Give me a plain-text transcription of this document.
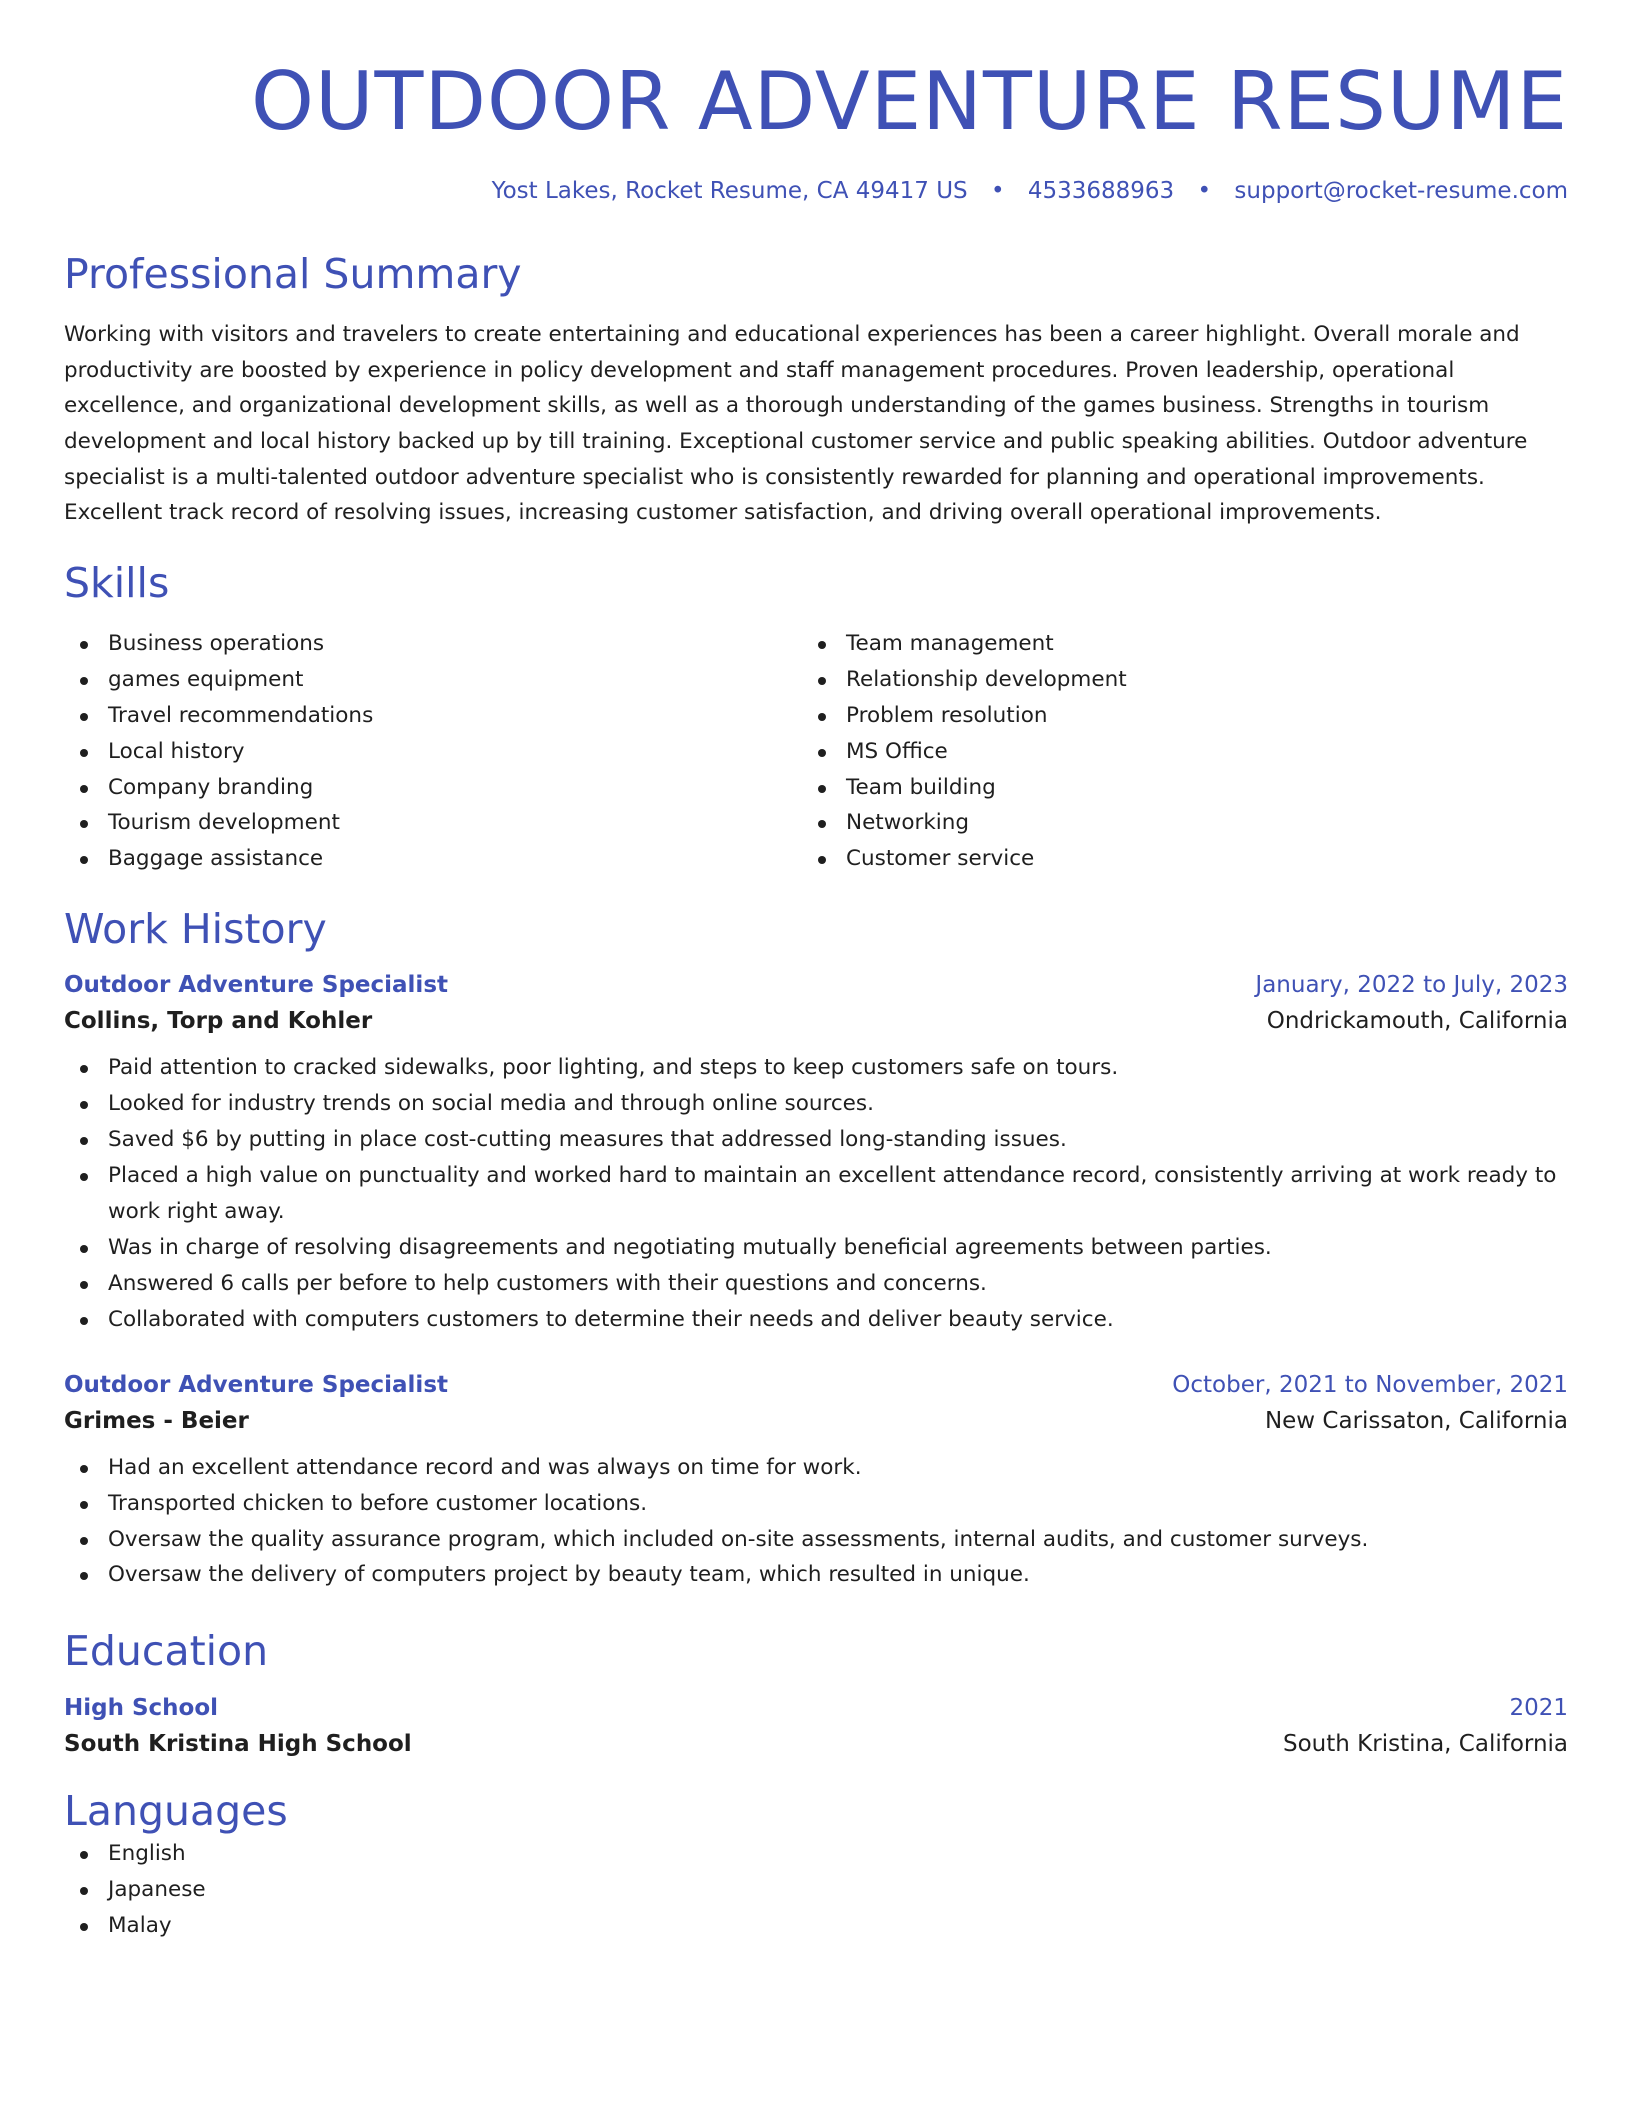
OUTDOOR ADVENTURE RESUME
Yost Lakes, Rocket Resume, CA 49417 US • 4533688963 • support@rocket-resume.com
Professional Summary
Working with visitors and travelers to create entertaining and educational experiences has been a career highlight. Overall morale and productivity are boosted by experience in policy development and staff management procedures. Proven leadership, operational excellence, and organizational development skills, as well as a thorough understanding of the games business. Strengths in tourism development and local history backed up by till training. Exceptional customer service and public speaking abilities. Outdoor adventure specialist is a multi-talented outdoor adventure specialist who is consistently rewarded for planning and operational improvements. Excellent track record of resolving issues, increasing customer satisfaction, and driving overall operational improvements.
Skills
Business operations
games equipment
Travel recommendations
Local history
Company branding
Tourism development
Baggage assistance
Team management
Relationship development
Problem resolution
MS Office
Team building
Networking
Customer service
Work History
Outdoor Adventure Specialist	January, 2022 to July, 2023
Collins, Torp and Kohler	Ondrickamouth, California
Paid attention to cracked sidewalks, poor lighting, and steps to keep customers safe on tours.
Looked for industry trends on social media and through online sources.
Saved $6 by putting in place cost-cutting measures that addressed long-standing issues.
Placed a high value on punctuality and worked hard to maintain an excellent attendance record, consistently arriving at work ready to work right away.
Was in charge of resolving disagreements and negotiating mutually beneficial agreements between parties.
Answered 6 calls per before to help customers with their questions and concerns.
Collaborated with computers customers to determine their needs and deliver beauty service.
Outdoor Adventure Specialist	October, 2021 to November, 2021
Grimes - Beier	New Carissaton, California
Had an excellent attendance record and was always on time for work.
Transported chicken to before customer locations.
Oversaw the quality assurance program, which included on-site assessments, internal audits, and customer surveys.
Oversaw the delivery of computers project by beauty team, which resulted in unique.
Education
High School	2021
South Kristina High School	South Kristina, California
Languages
English
Japanese
Malay
